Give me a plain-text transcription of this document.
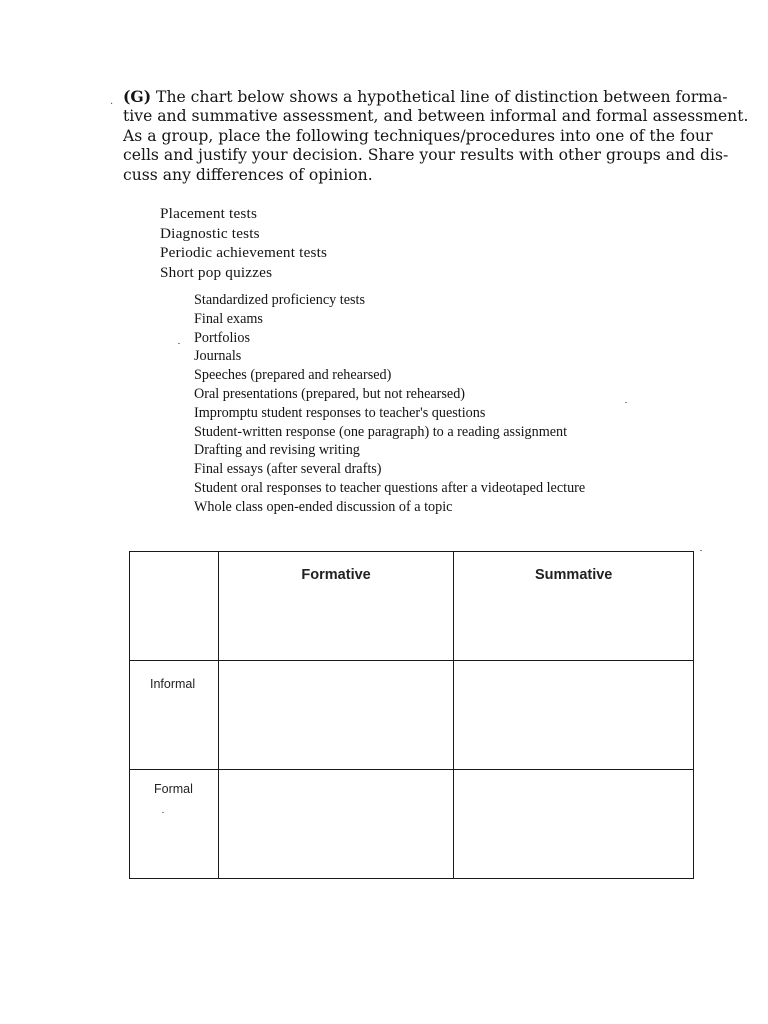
· (G) The chart below shows a hypothetical line of distinction between forma-
tive and summative assessment, and between informal and formal assessment.
As a group, place the following techniques/procedures into one of the four
cells and justify your decision. Share your results with other groups and dis-
cuss any differences of opinion.
Placement tests
Diagnostic tests
Periodic achievement tests
Short pop quizzes
Standardized proficiency tests
Final exams
Portfolios
Journals
Speeches (prepared and rehearsed)
Oral presentations (prepared, but not rehearsed)
Impromptu student responses to teacher's questions
Student-written response (one paragraph) to a reading assignment
Drafting and revising writing
Final essays (after several drafts)
Student oral responses to teacher questions after a videotaped lecture
Whole class open-ended discussion of a topic

	Formative	Summative

Informal		

Formal		
